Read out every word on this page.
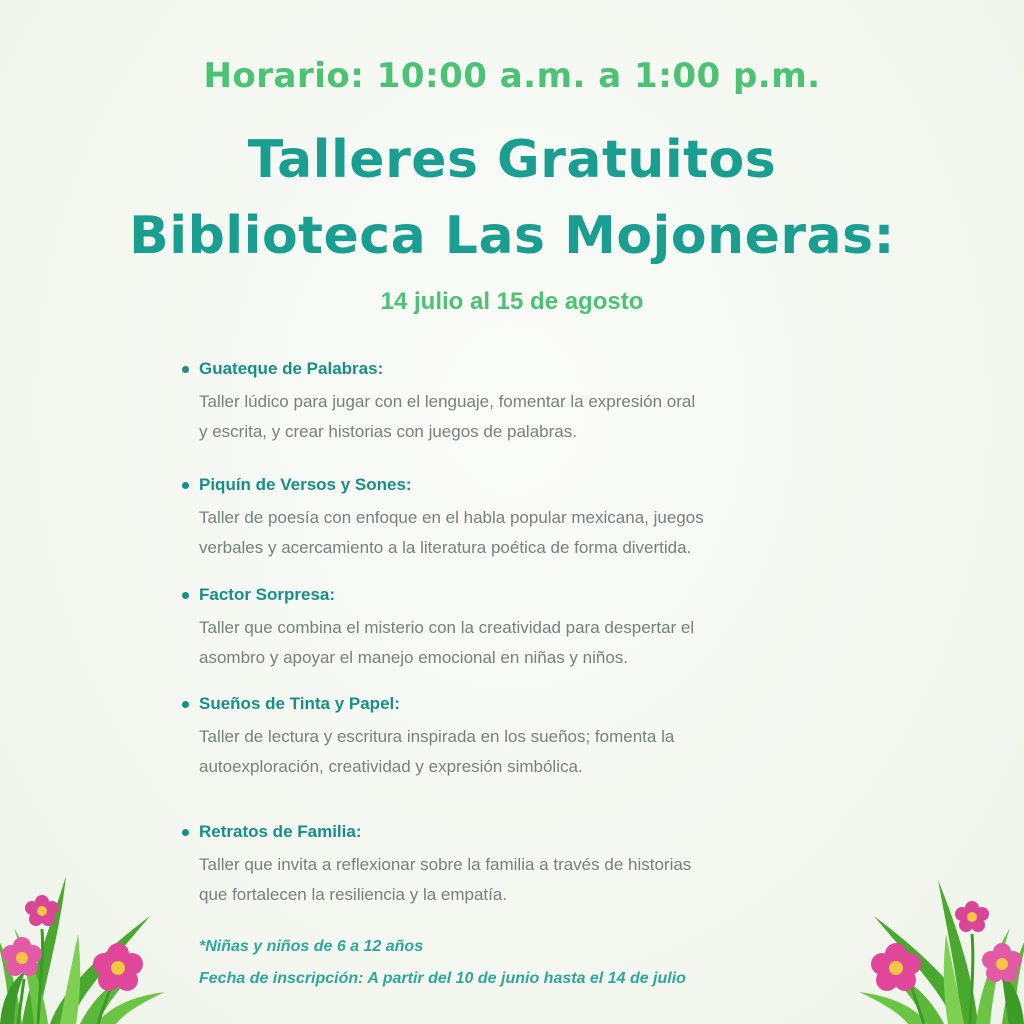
Horario: 10:00 a.m. a 1:00 p.m.
Talleres Gratuitos
Biblioteca Las Mojoneras:
14 julio al 15 de agosto
Guateque de Palabras:
Taller lúdico para jugar con el lenguaje, fomentar la expresión oral
y escrita, y crear historias con juegos de palabras.
Piquín de Versos y Sones:
Taller de poesía con enfoque en el habla popular mexicana, juegos
verbales y acercamiento a la literatura poética de forma divertida.
Factor Sorpresa:
Taller que combina el misterio con la creatividad para despertar el
asombro y apoyar el manejo emocional en niñas y niños.
Sueños de Tinta y Papel:
Taller de lectura y escritura inspirada en los sueños; fomenta la
autoexploración, creatividad y expresión simbólica.
Retratos de Familia:
Taller que invita a reflexionar sobre la familia a través de historias
que fortalecen la resiliencia y la empatía.
*Niñas y niños de 6 a 12 años
Fecha de inscripción: A partir del 10 de junio hasta el 14 de julio
